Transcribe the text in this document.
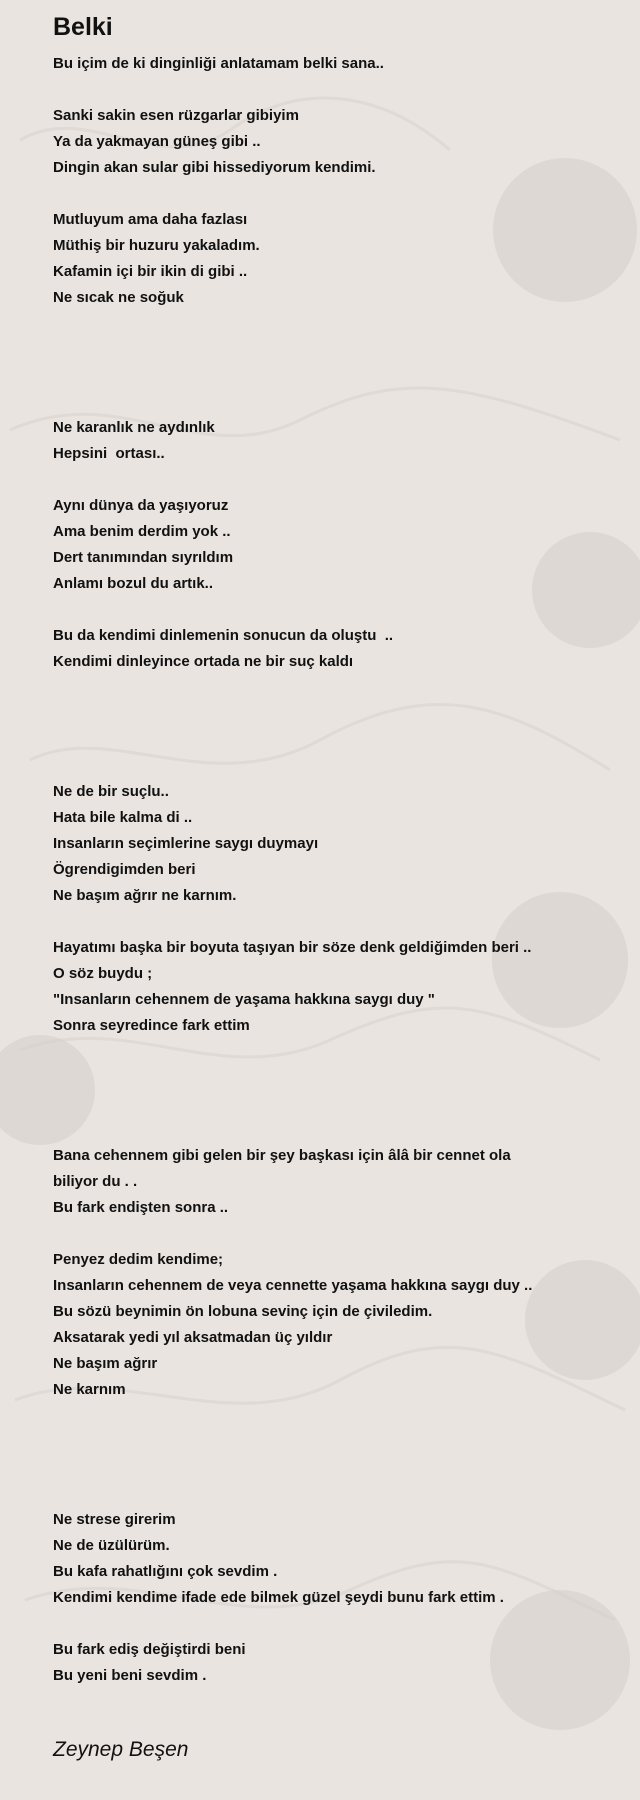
Belki
Bu içim de ki dinginliği anlatamam belki sana..

Sanki sakin esen rüzgarlar gibiyim
Ya da yakmayan güneş gibi ..
Dingin akan sular gibi hissediyorum kendimi.

Mutluyum ama daha fazlası
Müthiş bir huzuru yakaladım.
Kafamin içi bir ikin di gibi ..
Ne sıcak ne soğuk

Ne karanlık ne aydınlık
Hepsini  ortası..

Aynı dünya da yaşıyoruz
Ama benim derdim yok ..
Dert tanımından sıyrıldım
Anlamı bozul du artık..

Bu da kendimi dinlemenin sonucun da oluştu  ..
Kendimi dinleyince ortada ne bir suç kaldı

Ne de bir suçlu..
Hata bile kalma di ..
Insanların seçimlerine saygı duymayı
Ögrendigimden beri
Ne başım ağrır ne karnım.

Hayatımı başka bir boyuta taşıyan bir söze denk geldiğimden beri ..
O söz buydu ;
"Insanların cehennem de yaşama hakkına saygı duy "
Sonra seyredince fark ettim

Bana cehennem gibi gelen bir şey başkası için âlâ bir cennet ola
biliyor du . .
Bu fark endişten sonra ..

Penyez dedim kendime;
Insanların cehennem de veya cennette yaşama hakkına saygı duy ..
Bu sözü beynimin ön lobuna sevinç için de çiviledim.
Aksatarak yedi yıl aksatmadan üç yıldır
Ne başım ağrır
Ne karnım

Ne strese girerim
Ne de üzülürüm.
Bu kafa rahatlığını çok sevdim .
Kendimi kendime ifade ede bilmek güzel şeydi bunu fark ettim .

Bu fark ediş değiştirdi beni
Bu yeni beni sevdim .
Zeynep Beşen
